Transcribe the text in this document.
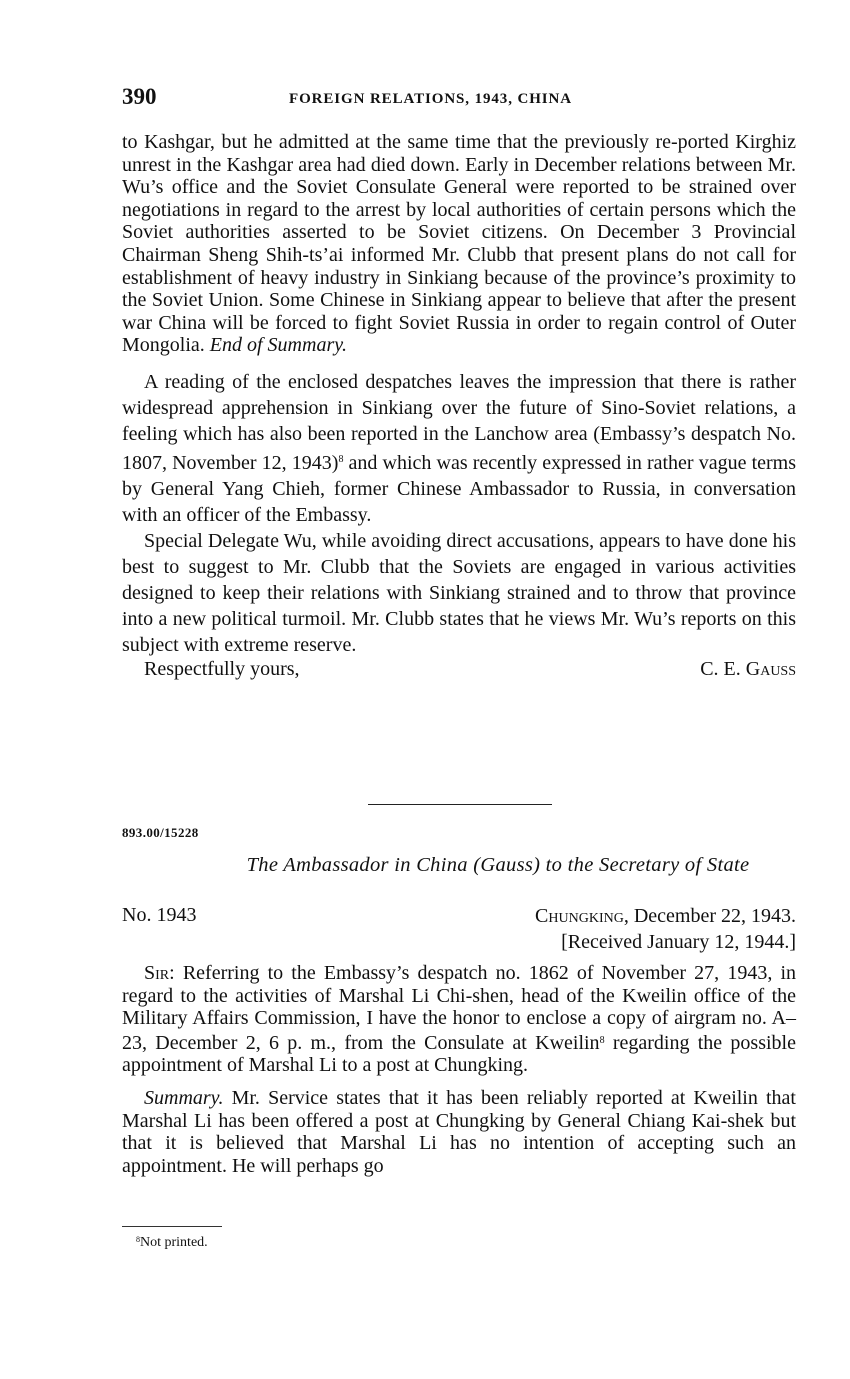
390	FOREIGN RELATIONS, 1943, CHINA

to Kashgar, but he admitted at the same time that the previously re-ported Kirghiz unrest in the Kashgar area had died down. Early in December relations between Mr. Wu’s office and the Soviet Consulate General were reported to be strained over negotiations in regard to the arrest by local authorities of certain persons which the Soviet authorities asserted to be Soviet citizens. On December 3 Provincial Chairman Sheng Shih-ts’ai informed Mr. Clubb that present plans do not call for establishment of heavy industry in Sinkiang because of the province’s proximity to the Soviet Union. Some Chinese in Sinkiang appear to believe that after the present war China will be forced to fight Soviet Russia in order to regain control of Outer Mongolia. End of Summary.

A reading of the enclosed despatches leaves the impression that there is rather widespread apprehension in Sinkiang over the future of Sino-Soviet relations, a feeling which has also been reported in the Lanchow area (Embassy’s despatch No. 1807, November 12, 1943)$^8$ and which was recently expressed in rather vague terms by General Yang Chieh, former Chinese Ambassador to Russia, in conversation with an officer of the Embassy.

Special Delegate Wu, while avoiding direct accusations, appears to have done his best to suggest to Mr. Clubb that the Soviets are engaged in various activities designed to keep their relations with Sinkiang strained and to throw that province into a new political turmoil. Mr. Clubb states that he views Mr. Wu’s reports on this subject with extreme reserve.

Respectfully yours,	C. E. Gauss
893.00/15228
The Ambassador in China (Gauss) to the Secretary of State
No. 1943	Chungking, December 22, 1943.
[Received January 12, 1944.]

Sir: Referring to the Embassy’s despatch no. 1862 of November 27, 1943, in regard to the activities of Marshal Li Chi-shen, head of the Kweilin office of the Military Affairs Commission, I have the honor to enclose a copy of airgram no. A–23, December 2, 6 p. m., from the Consulate at Kweilin$^8$ regarding the possible appointment of Marshal Li to a post at Chungking.

Summary. Mr. Service states that it has been reliably reported at Kweilin that Marshal Li has been offered a post at Chungking by General Chiang Kai-shek but that it is believed that Marshal Li has no intention of accepting such an appointment. He will perhaps go

$^8$Not printed.
